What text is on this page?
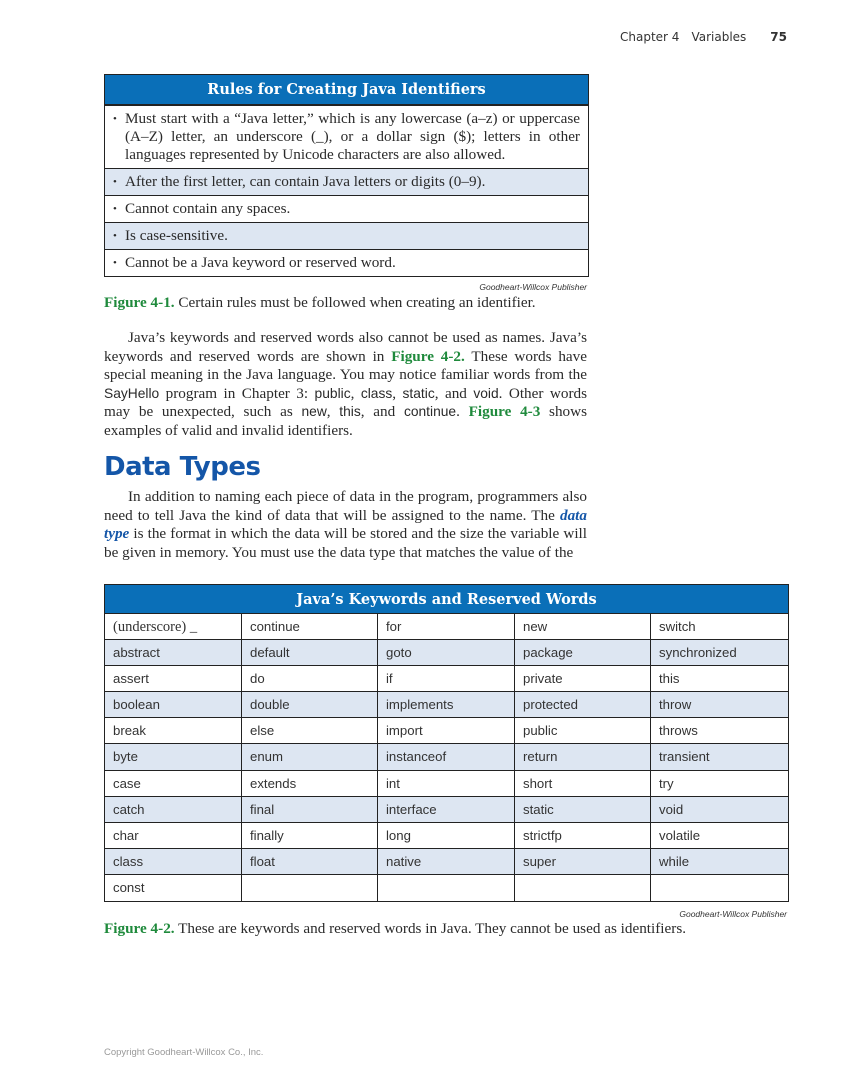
Chapter 4 Variables 75
Rules for Creating Java Identifiers
• Must start with a “Java letter,” which is any lowercase (a–z) or uppercase (A–Z) letter, an underscore (_), or a dollar sign ($); letters in other languages represented by Unicode characters are also allowed.
• After the first letter, can contain Java letters or digits (0–9).
• Cannot contain any spaces.
• Is case-sensitive.
• Cannot be a Java keyword or reserved word.
Goodheart-Willcox Publisher
Figure 4-1. Certain rules must be followed when creating an identifier.
Java’s keywords and reserved words also cannot be used as names. Java’s keywords and reserved words are shown in Figure 4-2. These words have special meaning in the Java language. You may notice familiar words from the SayHello program in Chapter 3: public, class, static, and void. Other words may be unexpected, such as new, this, and continue. Figure 4-3 shows examples of valid and invalid identifiers.
Data Types
In addition to naming each piece of data in the program, programmers also need to tell Java the kind of data that will be assigned to the name. The data type is the format in which the data will be stored and the size the variable will be given in memory. You must use the data type that matches the value of the
Java’s Keywords and Reserved Words
(underscore) _	continue	for	new	switch
abstract	default	goto	package	synchronized
assert	do	if	private	this
boolean	double	implements	protected	throw
break	else	import	public	throws
byte	enum	instanceof	return	transient
case	extends	int	short	try
catch	final	interface	static	void
char	finally	long	strictfp	volatile
class	float	native	super	while
const
Goodheart-Willcox Publisher
Figure 4-2. These are keywords and reserved words in Java. They cannot be used as identifiers.
Copyright Goodheart-Willcox Co., Inc.
